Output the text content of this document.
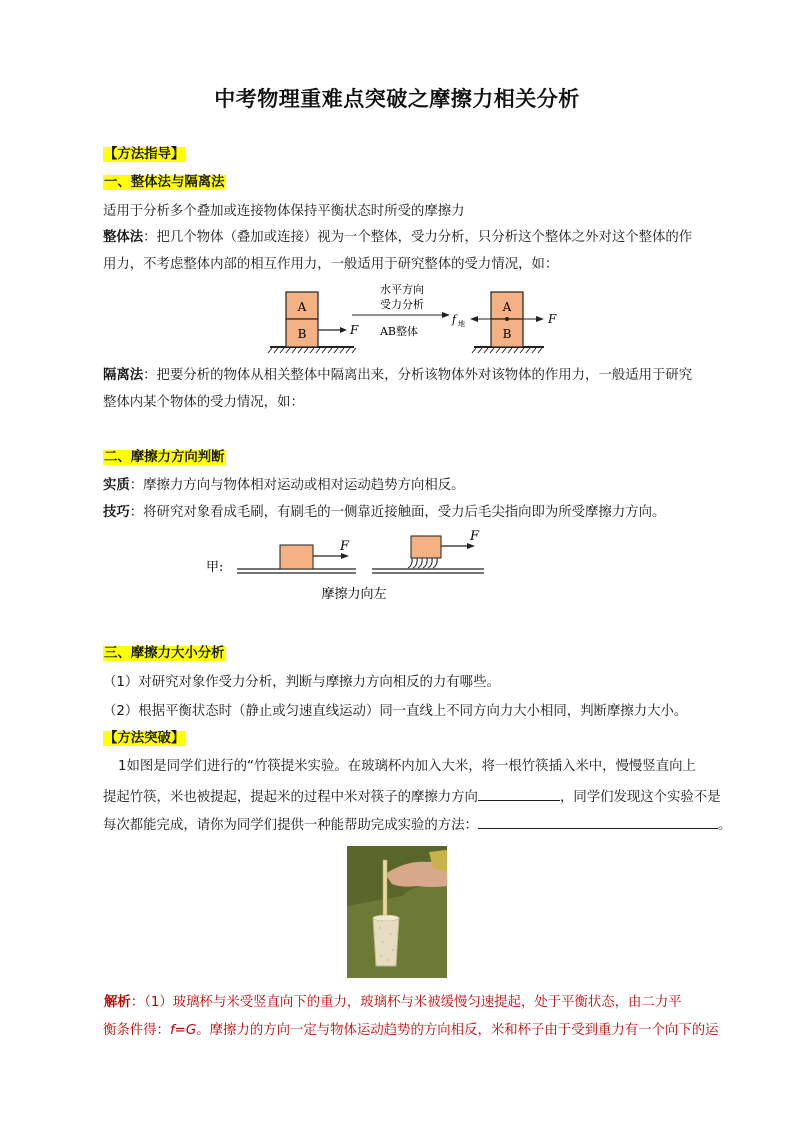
中考物理重难点突破之摩擦力相关分析
【方法指导】
一、整体法与隔离法
适用于分析多个叠加或连接物体保持平衡状态时所受的摩擦力
整体法：把几个物体（叠加或连接）视为一个整体，受力分析，只分析这个整体之外对这个整体的作
用力，不考虑整体内部的相互作用力，一般适用于研究整体的受力情况，如：
A
B	F
水平方向
受力分析
AB整体
A
B
f 地	F
隔离法：把要分析的物体从相关整体中隔离出来，分析该物体外对该物体的作用力，一般适用于研究
整体内某个物体的受力情况，如：
二、摩擦力方向判断
实质：摩擦力方向与物体相对运动或相对运动趋势方向相反。
技巧：将研究对象看成毛刷，有刷毛的一侧靠近接触面，受力后毛尖指向即为所受摩擦力方向。
甲:
F
F
摩擦力向左
三、摩擦力大小分析
（1）对研究对象作受力分析，判断与摩擦力方向相反的力有哪些。
（2）根据平衡状态时（静止或匀速直线运动）同一直线上不同方向力大小相同，判断摩擦力大小。
【方法突破】
1如图是同学们进行的“竹筷提米实验。在玻璃杯内加入大米，将一根竹筷插入米中，慢慢竖直向上
提起竹筷，米也被提起，提起米的过程中米对筷子的摩擦力方向	，同学们发现这个实验不是
每次都能完成，请你为同学们提供一种能帮助完成实验的方法：	。
解析：（1）玻璃杯与米受竖直向下的重力，玻璃杯与米被缓慢匀速提起，处于平衡状态，由二力平
衡条件得：f=G。摩擦力的方向一定与物体运动趋势的方向相反，米和杯子由于受到重力有一个向下的运
